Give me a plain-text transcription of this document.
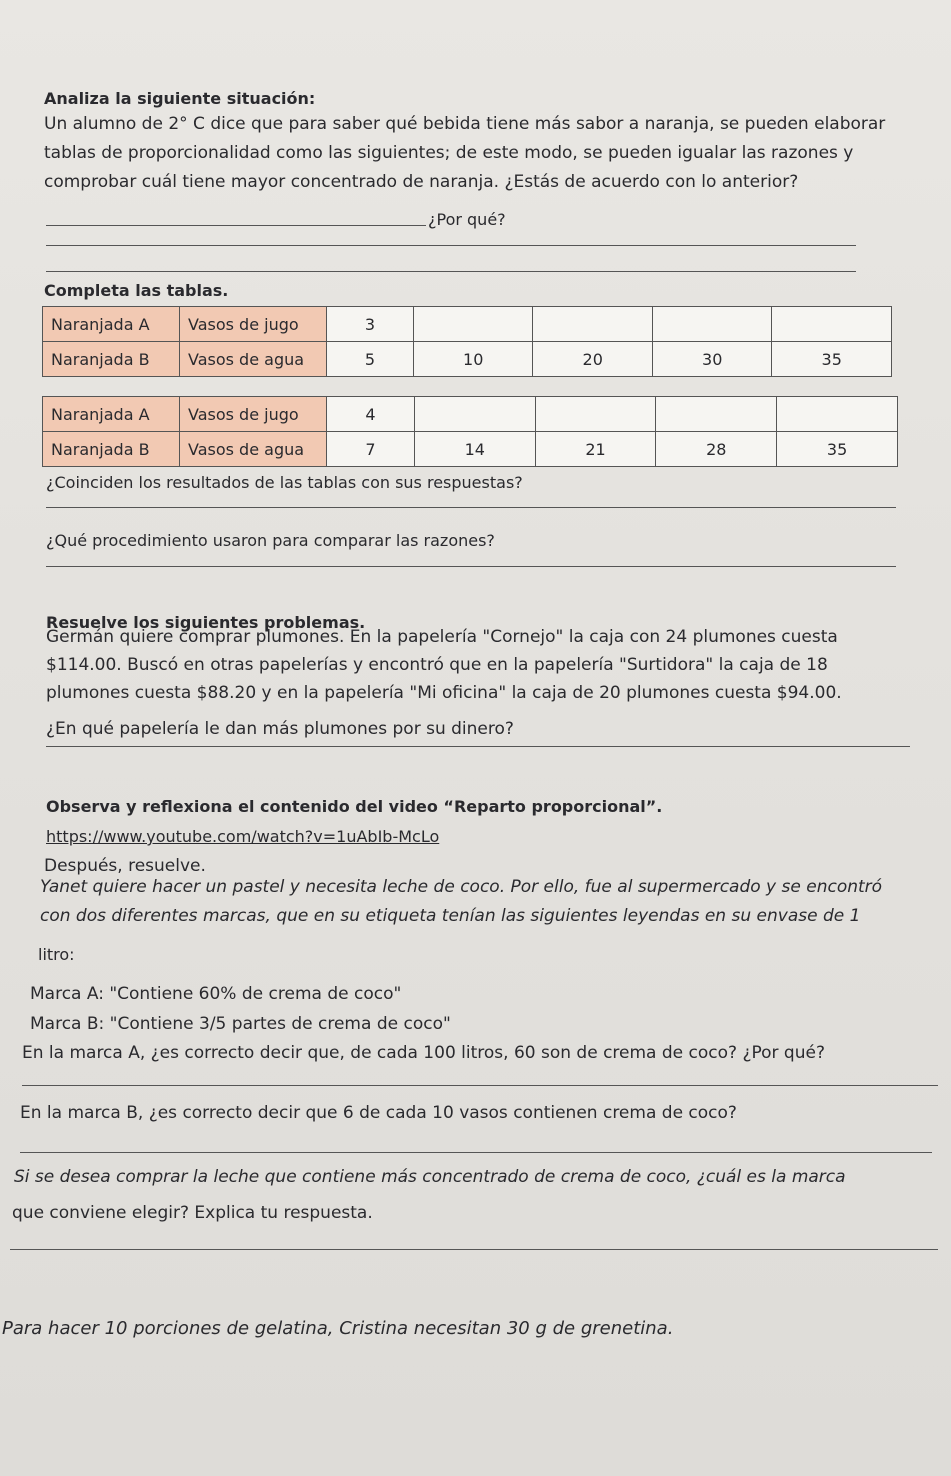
Analiza la siguiente situación:
Un alumno de 2° C dice que para saber qué bebida tiene más sabor a naranja, se pueden elaborar
tablas de proporcionalidad como las siguientes; de este modo, se pueden igualar las razones y
comprobar cuál tiene mayor concentrado de naranja. ¿Estás de acuerdo con lo anterior?
¿Por qué?
Completa las tablas.
Naranjada A	Vasos de jugo	3				
Naranjada B	Vasos de agua	5	10	20	30	35
Naranjada A	Vasos de jugo	4				
Naranjada B	Vasos de agua	7	14	21	28	35
¿Coinciden los resultados de las tablas con sus respuestas?
¿Qué procedimiento usaron para comparar las razones?
Resuelve los siguientes problemas.
Germán quiere comprar plumones. En la papelería "Cornejo" la caja con 24 plumones cuesta
$114.00. Buscó en otras papelerías y encontró que en la papelería "Surtidora" la caja de 18
plumones cuesta $88.20 y en la papelería "Mi oficina" la caja de 20 plumones cuesta $94.00.
¿En qué papelería le dan más plumones por su dinero?
Observa y reflexiona el contenido del video “Reparto proporcional”.
https://www.youtube.com/watch?v=1uAbIb-McLo
Después, resuelve.
Yanet quiere hacer un pastel y necesita leche de coco. Por ello, fue al supermercado y se encontró
con dos diferentes marcas, que en su etiqueta tenían las siguientes leyendas en su envase de 1
litro:
Marca A: "Contiene 60% de crema de coco"
Marca B: "Contiene 3/5 partes de crema de coco"
En la marca A, ¿es correcto decir que, de cada 100 litros, 60 son de crema de coco? ¿Por qué?
En la marca B, ¿es correcto decir que 6 de cada 10 vasos contienen crema de coco?
Si se desea comprar la leche que contiene más concentrado de crema de coco, ¿cuál es la marca
que conviene elegir? Explica tu respuesta.
Para hacer 10 porciones de gelatina, Cristina necesitan 30 g de grenetina.
